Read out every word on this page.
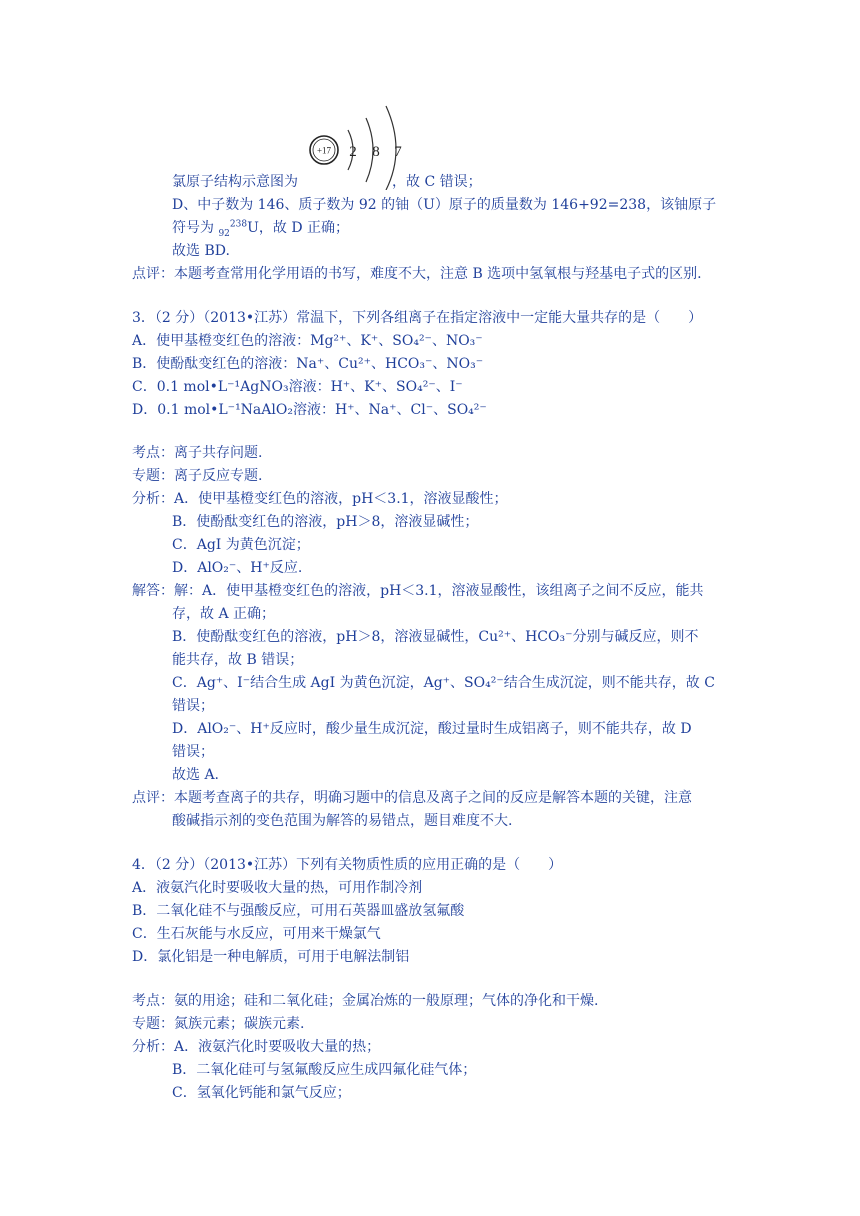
+17 2 8 7
氯原子结构示意图为	，故 C 错误；
D、中子数为 146、质子数为 92 的铀（U）原子的质量数为 146+92=238，该铀原子
符号为 $_{92}^{238}$U，故 D 正确；
故选 BD.
点评：本题考查常用化学用语的书写，难度不大，注意 B 选项中氢氧根与羟基电子式的区别.
3．（2 分）（2013•江苏）常温下，下列各组离子在指定溶液中一定能大量共存的是（　　）
A．使甲基橙变红色的溶液：Mg²⁺、K⁺、SO₄²⁻、NO₃⁻
B．使酚酞变红色的溶液：Na⁺、Cu²⁺、HCO₃⁻、NO₃⁻
C．0.1 mol•L⁻¹AgNO₃溶液：H⁺、K⁺、SO₄²⁻、I⁻
D．0.1 mol•L⁻¹NaAlO₂溶液：H⁺、Na⁺、Cl⁻、SO₄²⁻
考点：离子共存问题.
专题：离子反应专题.
分析：A．使甲基橙变红色的溶液，pH＜3.1，溶液显酸性；
B．使酚酞变红色的溶液，pH＞8，溶液显碱性；
C．AgI 为黄色沉淀；
D．AlO₂⁻、H⁺反应.
解答：解：A．使甲基橙变红色的溶液，pH＜3.1，溶液显酸性，该组离子之间不反应，能共
存，故 A 正确；
B．使酚酞变红色的溶液，pH＞8，溶液显碱性，Cu²⁺、HCO₃⁻分别与碱反应，则不
能共存，故 B 错误；
C．Ag⁺、I⁻结合生成 AgI 为黄色沉淀，Ag⁺、SO₄²⁻结合生成沉淀，则不能共存，故 C
错误；
D．AlO₂⁻、H⁺反应时，酸少量生成沉淀，酸过量时生成铝离子，则不能共存，故 D
错误；
故选 A.
点评：本题考查离子的共存，明确习题中的信息及离子之间的反应是解答本题的关键，注意
酸碱指示剂的变色范围为解答的易错点，题目难度不大.
4．（2 分）（2013•江苏）下列有关物质性质的应用正确的是（　　）
A．液氨汽化时要吸收大量的热，可用作制冷剂
B．二氧化硅不与强酸反应，可用石英器皿盛放氢氟酸
C．生石灰能与水反应，可用来干燥氯气
D．氯化铝是一种电解质，可用于电解法制铝
考点：氨的用途；硅和二氧化硅；金属冶炼的一般原理；气体的净化和干燥.
专题：氮族元素；碳族元素.
分析：A．液氨汽化时要吸收大量的热；
B．二氧化硅可与氢氟酸反应生成四氟化硅气体；
C．氢氧化钙能和氯气反应；
